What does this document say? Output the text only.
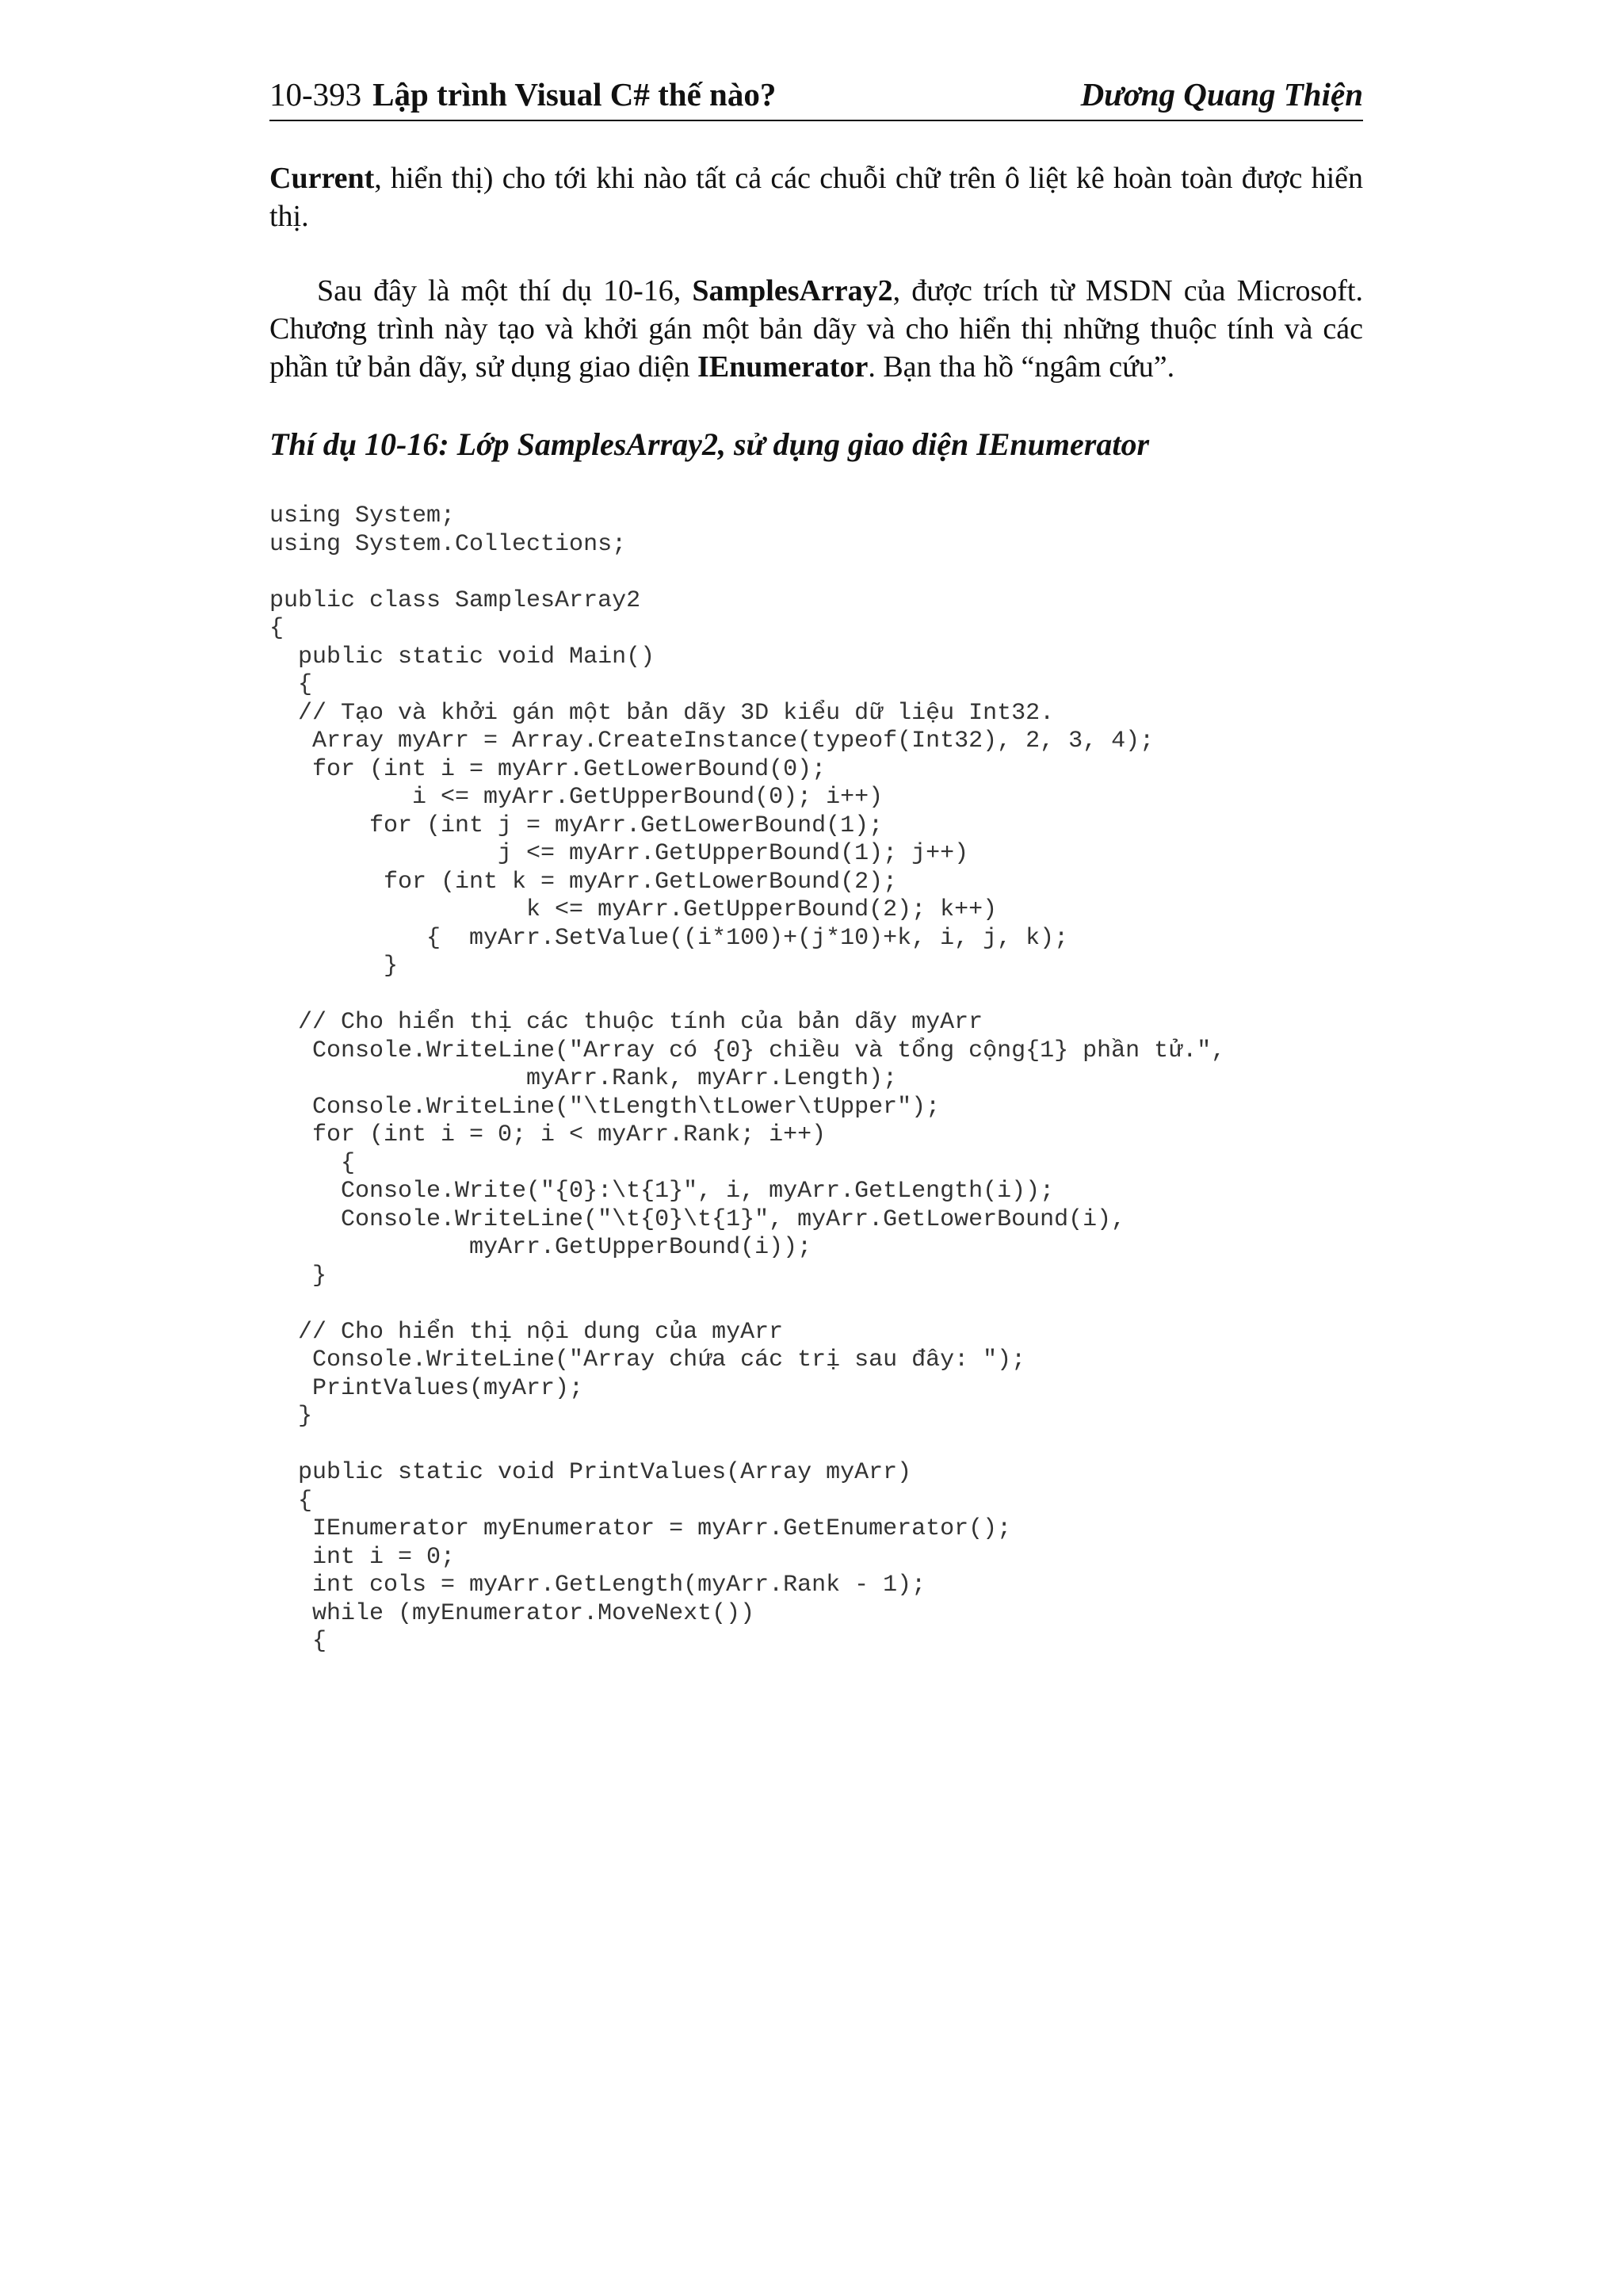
10-393 Lập trình Visual C# thế nào?	Dương Quang Thiện

Current, hiển thị) cho tới khi nào tất cả các chuỗi chữ trên ô liệt kê hoàn toàn được hiển thị.

Sau đây là một thí dụ 10-16, SamplesArray2, được trích từ MSDN của Microsoft. Chương trình này tạo và khởi gán một bản dãy và cho hiển thị những thuộc tính và các phần tử bản dãy, sử dụng giao diện IEnumerator. Bạn tha hồ “ngâm cứu”.

Thí dụ 10-16: Lớp SamplesArray2, sử dụng giao diện IEnumerator
using System;
using System.Collections;

public class SamplesArray2
{
public static void Main()
{
// Tạo và khởi gán một bản dãy 3D kiểu dữ liệu Int32.
Array myArr = Array.CreateInstance(typeof(Int32), 2, 3, 4);
for (int i = myArr.GetLowerBound(0);
i <= myArr.GetUpperBound(0); i++)
for (int j = myArr.GetLowerBound(1);
j <= myArr.GetUpperBound(1); j++)
for (int k = myArr.GetLowerBound(2);
k <= myArr.GetUpperBound(2); k++)
{  myArr.SetValue((i*100)+(j*10)+k, i, j, k);
}

// Cho hiển thị các thuộc tính của bản dãy myArr
Console.WriteLine("Array có {0} chiều và tổng cộng{1} phần tử.",
myArr.Rank, myArr.Length);
Console.WriteLine("\tLength\tLower\tUpper");
for (int i = 0; i < myArr.Rank; i++)
{
Console.Write("{0}:\t{1}", i, myArr.GetLength(i));
Console.WriteLine("\t{0}\t{1}", myArr.GetLowerBound(i),
myArr.GetUpperBound(i));
}

// Cho hiển thị nội dung của myArr
Console.WriteLine("Array chứa các trị sau đây: ");
PrintValues(myArr);
}

public static void PrintValues(Array myArr)
{
IEnumerator myEnumerator = myArr.GetEnumerator();
int i = 0;
int cols = myArr.GetLength(myArr.Rank - 1);
while (myEnumerator.MoveNext())
{
